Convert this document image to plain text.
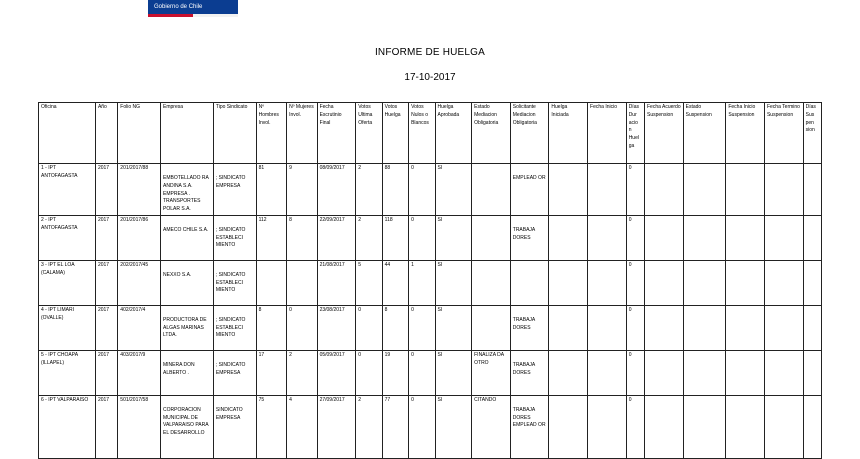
Gobierno de Chile
INFORME DE HUELGA
17-10-2017
Oficina	Año	Folio NG	Empresa	Tipo Sindicato	Nº Hombres Invol.	Nº Mujeres Invol.	Fecha Escrutinio Final	Votos Ultima Oferta	Votos Huelga	Votos Nulos o Blancos	Huelga Aprobada	Estado Mediacion Obligatoria	Solicitante Mediacion Obligatoria	Huelga Iniciada	Fecha Inicio	Días Dur acio n Huel ga	Fecha Acuerdo Suspension	Estado Suspension	Fecha Inicio Suspension	Fecha Termino Suspension	Días Sus pen sion
1 - IPT ANTOFAGASTA	2017	201/2017/88	EMBOTELLADO RA ANDINA S.A. EMPRESA . TRANSPORTES POLAR S.A.	; SINDICATO EMPRESA	81	9	08/09/2017	2	88	0	SI		EMPLEAD OR			0					
2 - IPT ANTOFAGASTA	2017	201/2017/86	AMECO CHILE S.A.	; SINDICATO ESTABLECI MIENTO	112	8	22/09/2017	2	118	0	SI		TRABAJA DORES			0					
3 - IPT EL LOA (CALAMA)	2017	202/2017/45	NEXXO S.A.	; SINDICATO ESTABLECI MIENTO			21/08/2017	5	44	1	SI					0					
4 - IPT LIMARI (OVALLE)	2017	402/2017/4	PRODUCTORA DE ALGAS MARINAS LTDA.	; SINDICATO ESTABLECI MIENTO	8	0	23/08/2017	0	8	0	SI		TRABAJA DORES			0					
5 - IPT CHOAPA (ILLAPEL)	2017	403/2017/9	MINERA DON ALBERTO .	; SINDICATO EMPRESA	17	2	05/09/2017	0	19	0	SI	FINALIZA DA OTRO	TRABAJA DORES			0					
6 - IPT VALPARAISO	2017	501/2017/58	CORPORACION MUNICIPAL DE VALPARAISO PARA EL DESARROLLO	SINDICATO EMPRESA	75	4	27/09/2017	2	77	0	SI	CITANDO	TRABAJA DORES EMPLEAD OR			0					
